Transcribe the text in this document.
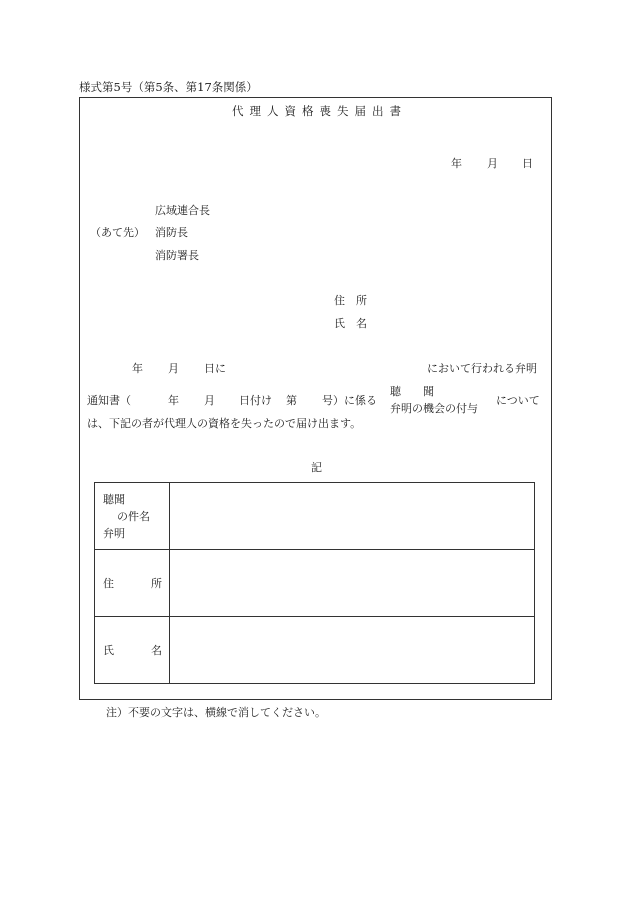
様式第5号（第5条、第17条関係）
代理人資格喪失届出書
年 月 日
広域連合長
（あて先） 消防長
消防署長
住　所
氏　名
年 月 日に	において行われる弁明
通知書（	年 月 日付け 第 号）に係る
聴　　聞
弁明の機会の付与
について
は、下記の者が代理人の資格を失ったので届け出ます。
記
聴聞
の件名
弁明	

住 所	

氏 名	

注）不要の文字は、横線で消してください。
